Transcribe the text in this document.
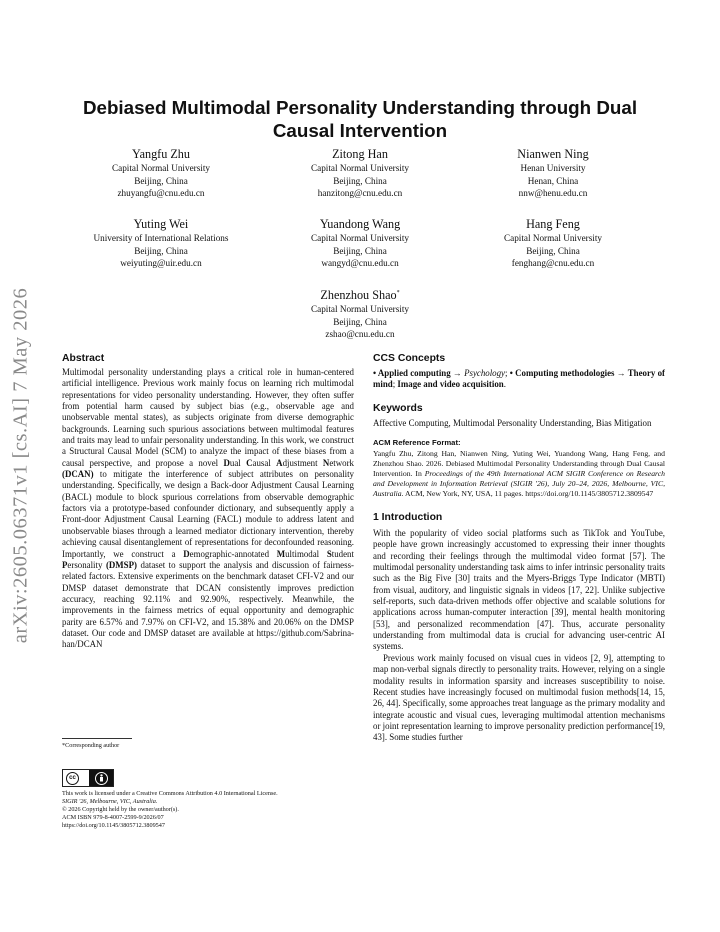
arXiv:2605.06371v1 [cs.AI] 7 May 2026
Debiased Multimodal Personality Understanding through Dual Causal Intervention
Yangfu Zhu
Capital Normal University
Beijing, China
zhuyangfu@cnu.edu.cn
Zitong Han
Capital Normal University
Beijing, China
hanzitong@cnu.edu.cn
Nianwen Ning
Henan University
Henan, China
nnw@henu.edu.cn
Yuting Wei
University of International Relations
Beijing, China
weiyuting@uir.edu.cn
Yuandong Wang
Capital Normal University
Beijing, China
wangyd@cnu.edu.cn
Hang Feng
Capital Normal University
Beijing, China
fenghang@cnu.edu.cn
Zhenzhou Shao*
Capital Normal University
Beijing, China
zshao@cnu.edu.cn
Abstract

Multimodal personality understanding plays a critical role in human-centered artificial intelligence. Previous work mainly focus on learning rich multimodal representations for video personality understanding. However, they often suffer from potential harm caused by subject bias (e.g., observable age and unobservable mental states), as subjects originate from diverse demographic backgrounds. Learning such spurious associations between multimodal features and traits may lead to unfair personality understanding. In this work, we construct a Structural Causal Model (SCM) to analyze the impact of these biases from a causal perspective, and propose a novel Dual Causal Adjustment Network (DCAN) to mitigate the interference of subject attributes on personality understanding. Specifically, we design a Back-door Adjustment Causal Learning (BACL) module to block spurious correlations from observable demographic factors via a prototype-based confounder dictionary, and subsequently apply a Front-door Adjustment Causal Learning (FACL) module to address latent and unobservable biases through a learned mediator dictionary intervention, thereby achieving causal disentanglement of representations for deconfounded reasoning. Importantly, we construct a Demographic-annotated Multimodal Student Personality (DMSP) dataset to support the analysis and discussion of fairness-related factors. Extensive experiments on the benchmark dataset CFI-V2 and our DMSP dataset demonstrate that DCAN consistently improves prediction accuracy, reaching 92.11% and 92.90%, respectively. Meanwhile, the improvements in the fairness metrics of equal opportunity and demographic parity are 6.57% and 7.97% on CFI-V2, and 15.38% and 20.06% on the DMSP dataset. Our code and DMSP dataset are available at https://github.com/Sabrina-han/DCAN

*Corresponding author

cc
BY

This work is licensed under a Creative Commons Attribution 4.0 International License.

SIGIR '26, Melbourne, VIC, Australia.

© 2026 Copyright held by the owner/author(s).

ACM ISBN 979-8-4007-2599-9/2026/07

https://doi.org/10.1145/3805712.3809547

CCS Concepts

• Applied computing → Psychology; • Computing methodologies → Theory of mind; Image and video acquisition.

Keywords

Affective Computing, Multimodal Personality Understanding, Bias Mitigation

ACM Reference Format:

Yangfu Zhu, Zitong Han, Nianwen Ning, Yuting Wei, Yuandong Wang, Hang Feng, and Zhenzhou Shao. 2026. Debiased Multimodal Personality Understanding through Dual Causal Intervention. In Proceedings of the 49th International ACM SIGIR Conference on Research and Development in Information Retrieval (SIGIR '26), July 20–24, 2026, Melbourne, VIC, Australia. ACM, New York, NY, USA, 11 pages. https://doi.org/10.1145/3805712.3809547

1 Introduction

With the popularity of video social platforms such as TikTok and YouTube, people have grown increasingly accustomed to expressing their inner thoughts and recording their feelings through the multimodal video format [57]. The multimodal personality understanding task aims to infer intrinsic personality traits such as the Big Five [30] traits and the Myers-Briggs Type Indicator (MBTI) from visual, auditory, and linguistic signals in videos [17, 22]. Unlike subjective self-reports, such data-driven methods offer objective and scalable solutions for applications across human-computer interaction [39], mental health monitoring [53], and personalized recommendation [47]. Thus, accurate personality understanding from multimodal data is crucial for advancing user-centric AI systems.

Previous work mainly focused on visual cues in videos [2, 9], attempting to map non-verbal signals directly to personality traits. However, relying on a single modality results in information sparsity and increases susceptibility to noise. Recent studies have increasingly focused on multimodal fusion methods[14, 15, 26, 44]. Specifically, some approaches treat language as the primary modality and integrate acoustic and visual cues, leveraging multimodal attention mechanisms or joint representation learning to improve personality prediction performance[19, 43]. Some studies further
